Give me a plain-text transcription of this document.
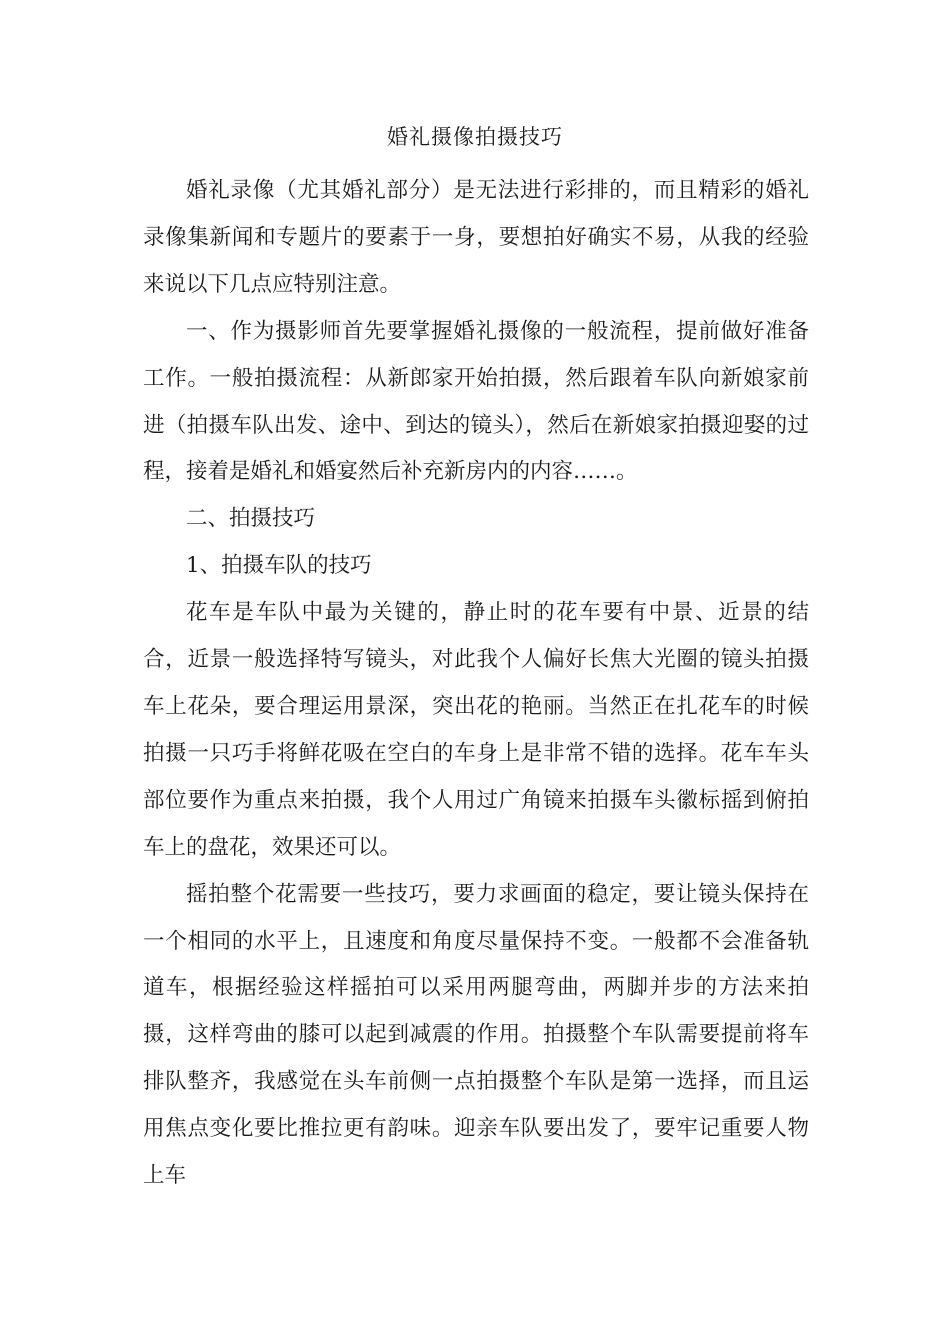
婚礼摄像拍摄技巧

婚礼录像（尤其婚礼部分）是无法进行彩排的，而且精彩的婚礼录像集新闻和专题片的要素于一身，要想拍好确实不易，从我的经验来说以下几点应特别注意。

一、作为摄影师首先要掌握婚礼摄像的一般流程，提前做好准备工作。一般拍摄流程：从新郎家开始拍摄，然后跟着车队向新娘家前进（拍摄车队出发、途中、到达的镜头），然后在新娘家拍摄迎娶的过程，接着是婚礼和婚宴然后补充新房内的内容……。

二、拍摄技巧

1、拍摄车队的技巧

花车是车队中最为关键的，静止时的花车要有中景、近景的结合，近景一般选择特写镜头，对此我个人偏好长焦大光圈的镜头拍摄车上花朵，要合理运用景深，突出花的艳丽。当然正在扎花车的时候拍摄一只巧手将鲜花吸在空白的车身上是非常不错的选择。花车车头部位要作为重点来拍摄，我个人用过广角镜来拍摄车头徽标摇到俯拍车上的盘花，效果还可以。

摇拍整个花需要一些技巧，要力求画面的稳定，要让镜头保持在一个相同的水平上，且速度和角度尽量保持不变。一般都不会准备轨道车，根据经验这样摇拍可以采用两腿弯曲，两脚并步的方法来拍摄，这样弯曲的膝可以起到减震的作用。拍摄整个车队需要提前将车排队整齐，我感觉在头车前侧一点拍摄整个车队是第一选择，而且运用焦点变化要比推拉更有韵味。迎亲车队要出发了，要牢记重要人物上车
